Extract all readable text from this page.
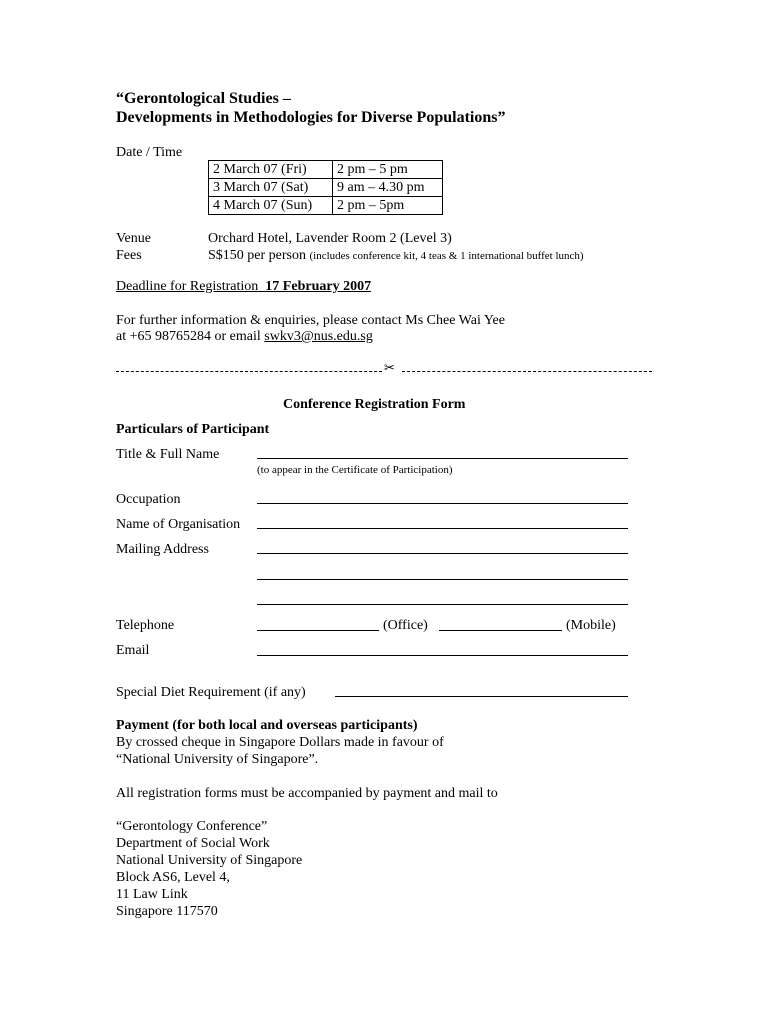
“Gerontological Studies –
Developments in Methodologies for Diverse Populations”
Date / Time
2 March 07 (Fri)	2 pm – 5 pm
3 March 07 (Sat)	9 am – 4.30 pm
4 March 07 (Sun)	2 pm – 5pm
Venue	Orchard Hotel, Lavender Room 2 (Level 3)
Fees	S$150 per person (includes conference kit, 4 teas & 1 international buffet lunch)
Deadline for Registration 17 February 2007
For further information & enquiries, please contact Ms Chee Wai Yee
at +65 98765284 or email swkv3@nus.edu.sg
✂
Conference Registration Form
Particulars of Participant
Title & Full Name
(to appear in the Certificate of Participation)
Occupation
Name of Organisation
Mailing Address
Telephone	(Office)	(Mobile)
Email
Special Diet Requirement (if any)
Payment (for both local and overseas participants)
By crossed cheque in Singapore Dollars made in favour of
“National University of Singapore”.
All registration forms must be accompanied by payment and mail to
“Gerontology Conference”
Department of Social Work
National University of Singapore
Block AS6, Level 4,
11 Law Link
Singapore 117570
